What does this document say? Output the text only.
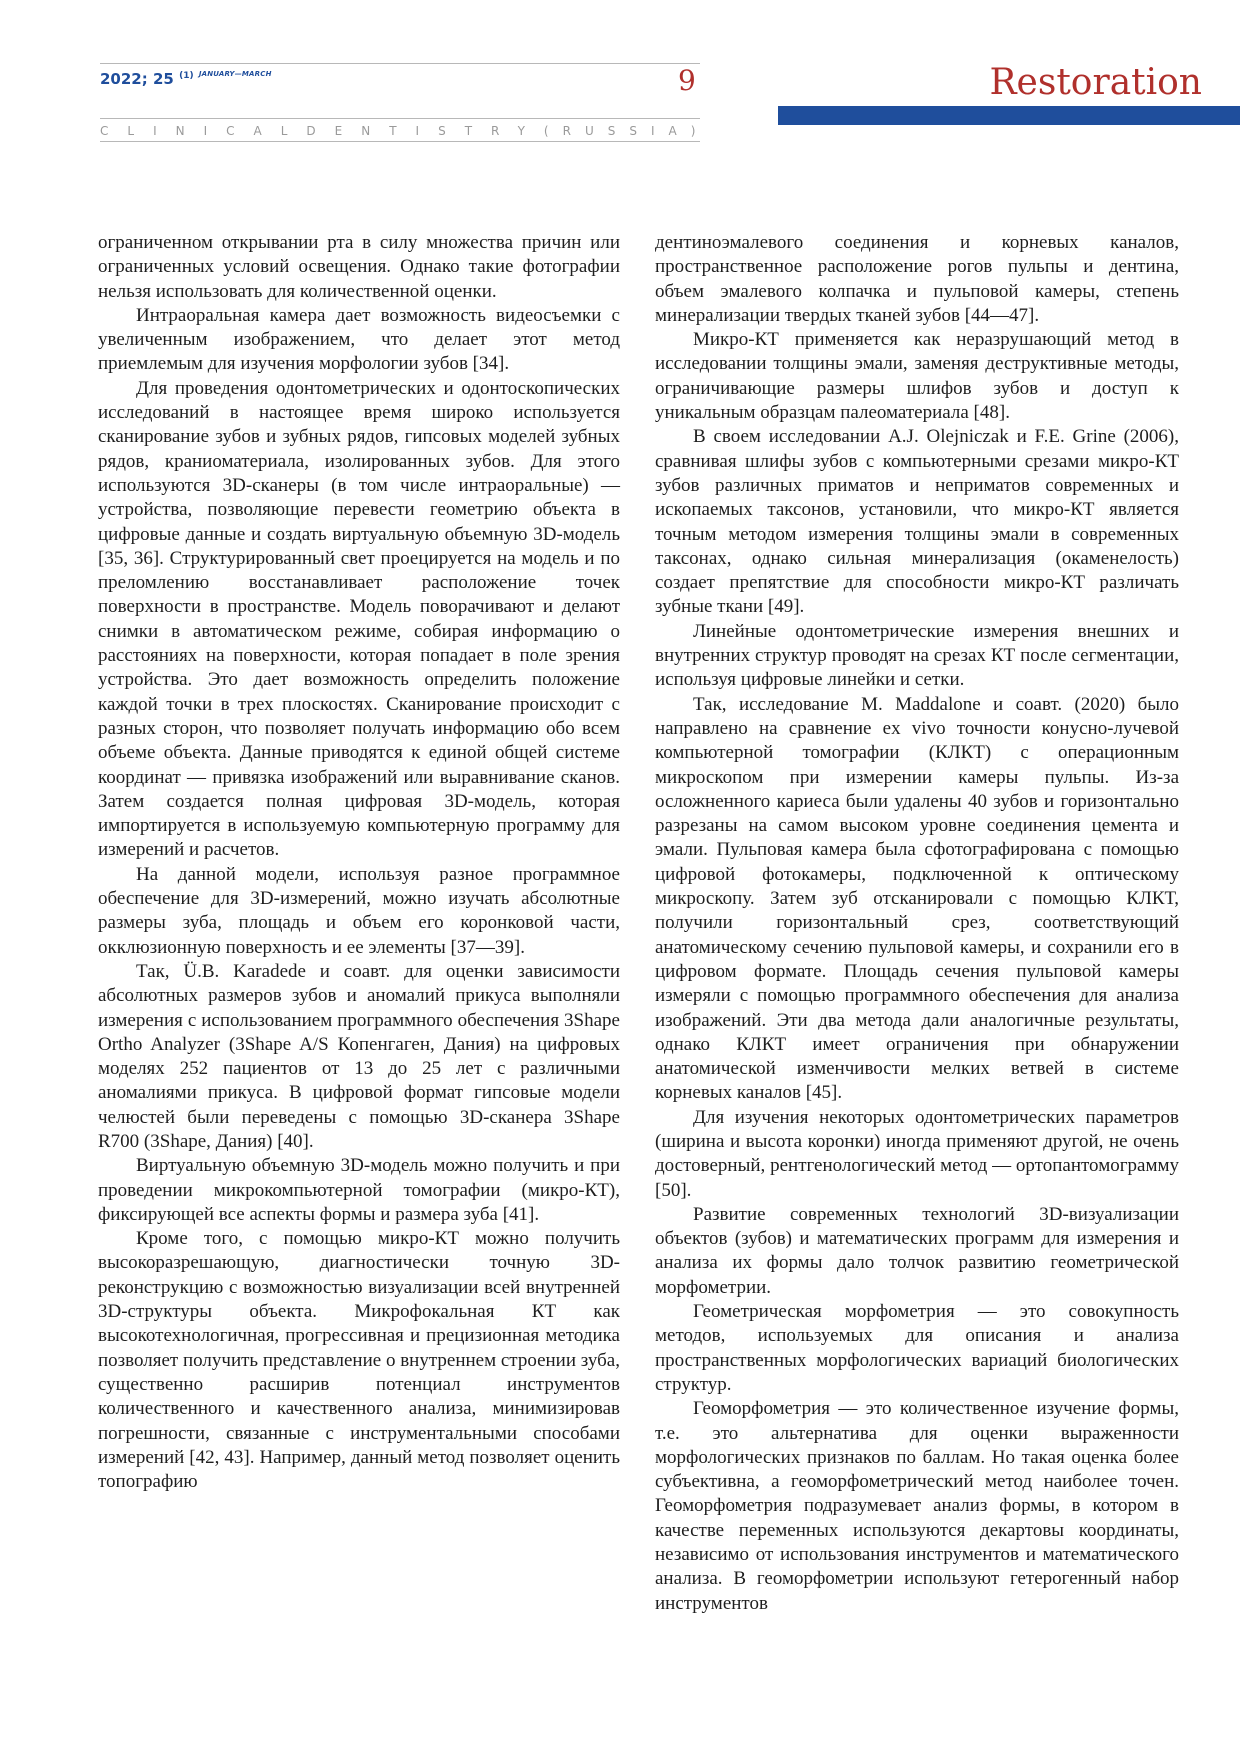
2022; 25 $^{(1)}$ $^{JANUARY—MARCH}$	9
CLINICAL DENTISTRY (RUSSIA)
Restoration

ограниченном открывании рта в силу множества причин или ограниченных условий освещения. Однако такие фотографии нельзя использовать для количественной оценки.

Интраоральная камера дает возможность видеосъемки с увеличенным изображением, что делает этот метод приемлемым для изучения морфологии зубов [34].

Для проведения одонтометрических и одонтоскопических исследований в настоящее время широко используется сканирование зубов и зубных рядов, гипсовых моделей зубных рядов, краниоматериала, изолированных зубов. Для этого используются 3D-сканеры (в том числе интраоральные) — устройства, позволяющие перевести геометрию объекта в цифровые данные и создать виртуальную объемную 3D-модель [35, 36]. Структурированный свет проецируется на модель и по преломлению восстанавливает расположение точек поверхности в пространстве. Модель поворачивают и делают снимки в автоматическом режиме, собирая информацию о расстояниях на поверхности, которая попадает в поле зрения устройства. Это дает возможность определить положение каждой точки в трех плоскостях. Сканирование происходит с разных сторон, что позволяет получать информацию обо всем объеме объекта. Данные приводятся к единой общей системе координат — привязка изображений или выравнивание сканов. Затем создается полная цифровая 3D-модель, которая импортируется в используемую компьютерную программу для измерений и расчетов.

На данной модели, используя разное программное обеспечение для 3D-измерений, можно изучать абсолютные размеры зуба, площадь и объем его коронковой части, окклюзионную поверхность и ее элементы [37—39].

Так, Ü.B. Karadede и соавт. для оценки зависимости абсолютных размеров зубов и аномалий прикуса выполняли измерения с использованием программного обеспечения 3Shape Ortho Analyzer (3Shape A/S Копенгаген, Дания) на цифровых моделях 252 пациентов от 13 до 25 лет с различными аномалиями прикуса. В цифровой формат гипсовые модели челюстей были переведены с помощью 3D-сканера 3Shape R700 (3Shape, Дания) [40].

Виртуальную объемную 3D-модель можно получить и при проведении микрокомпьютерной томографии (микро-КТ), фиксирующей все аспекты формы и размера зуба [41].

Кроме того, с помощью микро-КТ можно получить высокоразрешающую, диагностически точную 3D-реконструкцию с возможностью визуализации всей внутренней 3D-структуры объекта. Микрофокальная КТ как высокотехнологичная, прогрессивная и прецизионная методика позволяет получить представление о внутреннем строении зуба, существенно расширив потенциал инструментов количественного и качественного анализа, минимизировав погрешности, связанные с инструментальными способами измерений [42, 43]. Например, данный метод позволяет оценить топографию

дентиноэмалевого соединения и корневых каналов, пространственное расположение рогов пульпы и дентина, объем эмалевого колпачка и пульповой камеры, степень минерализации твердых тканей зубов [44—47].

Микро-КТ применяется как неразрушающий метод в исследовании толщины эмали, заменяя деструктивные методы, ограничивающие размеры шлифов зубов и доступ к уникальным образцам палеоматериала [48].

В своем исследовании A.J. Olejniczak и F.E. Grine (2006), сравнивая шлифы зубов с компьютерными срезами микро-КТ зубов различных приматов и неприматов современных и ископаемых таксонов, установили, что микро-КТ является точным методом измерения толщины эмали в современных таксонах, однако сильная минерализация (окаменелость) создает препятствие для способности микро-КТ различать зубные ткани [49].

Линейные одонтометрические измерения внешних и внутренних структур проводят на срезах КТ после сегментации, используя цифровые линейки и сетки.

Так, исследование M. Maddalone и соавт. (2020) было направлено на сравнение ex vivo точности конусно-лучевой компьютерной томографии (КЛКТ) с операционным микроскопом при измерении камеры пульпы. Из-за осложненного кариеса были удалены 40 зубов и горизонтально разрезаны на самом высоком уровне соединения цемента и эмали. Пульповая камера была сфотографирована с помощью цифровой фотокамеры, подключенной к оптическому микроскопу. Затем зуб отсканировали с помощью КЛКТ, получили горизонтальный срез, соответствующий анатомическому сечению пульповой камеры, и сохранили его в цифровом формате. Площадь сечения пульповой камеры измеряли с помощью программного обеспечения для анализа изображений. Эти два метода дали аналогичные результаты, однако КЛКТ имеет ограничения при обнаружении анатомической изменчивости мелких ветвей в системе корневых каналов [45].

Для изучения некоторых одонтометрических параметров (ширина и высота коронки) иногда применяют другой, не очень достоверный, рентгенологический метод — ортопантомограмму [50].

Развитие современных технологий 3D-визуализации объектов (зубов) и математических программ для измерения и анализа их формы дало толчок развитию геометрической морфометрии.

Геометрическая морфометрия — это совокупность методов, используемых для описания и анализа пространственных морфологических вариаций биологических структур.

Геоморфометрия — это количественное изучение формы, т.е. это альтернатива для оценки выраженности морфологических признаков по баллам. Но такая оценка более субъективна, а геоморфометрический метод наиболее точен. Геоморфометрия подразумевает анализ формы, в котором в качестве переменных используются декартовы координаты, независимо от использования инструментов и математического анализа. В геоморфометрии используют гетерогенный набор инструментов
